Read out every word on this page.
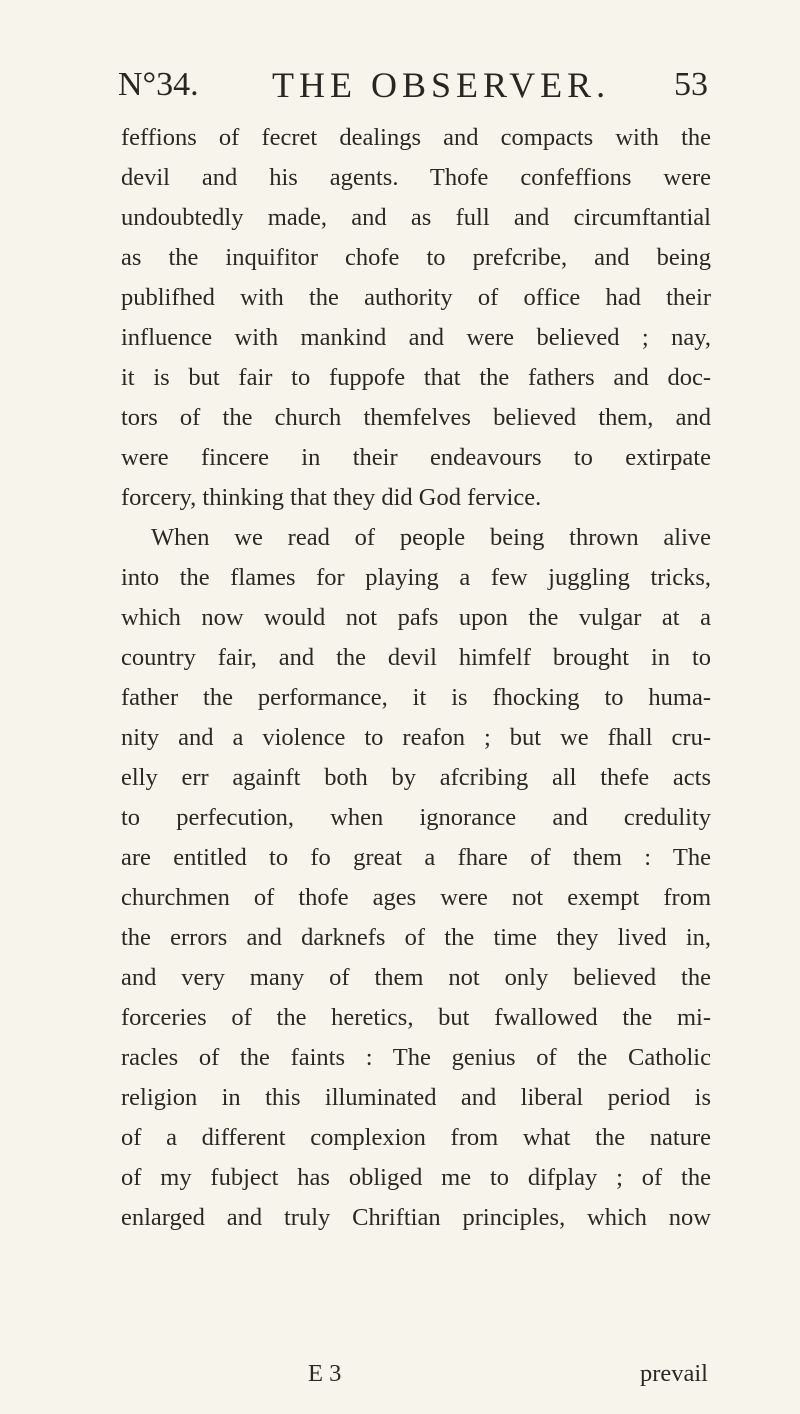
N°34. THE OBSERVER. 53
feffions of fecret dealings and compacts with the
devil and his agents. Thofe confeffions were
undoubtedly made, and as full and circumftantial
as the inquifitor chofe to prefcribe, and being
publifhed with the authority of office had their
influence with mankind and were believed ; nay,
it is but fair to fuppofe that the fathers and doc-
tors of the church themfelves believed them, and
were fincere in their endeavours to extirpate
forcery, thinking that they did God fervice.
When we read of people being thrown alive
into the flames for playing a few juggling tricks,
which now would not pafs upon the vulgar at a
country fair, and the devil himfelf brought in to
father the performance, it is fhocking to huma-
nity and a violence to reafon ; but we fhall cru-
elly err againft both by afcribing all thefe acts
to perfecution, when ignorance and credulity
are entitled to fo great a fhare of them : The
churchmen of thofe ages were not exempt from
the errors and darknefs of the time they lived in,
and very many of them not only believed the
forceries of the heretics, but fwallowed the mi-
racles of the faints : The genius of the Catholic
religion in this illuminated and liberal period is
of a different complexion from what the nature
of my fubject has obliged me to difplay ; of the
enlarged and truly Chriftian principles, which now
E 3	prevail
